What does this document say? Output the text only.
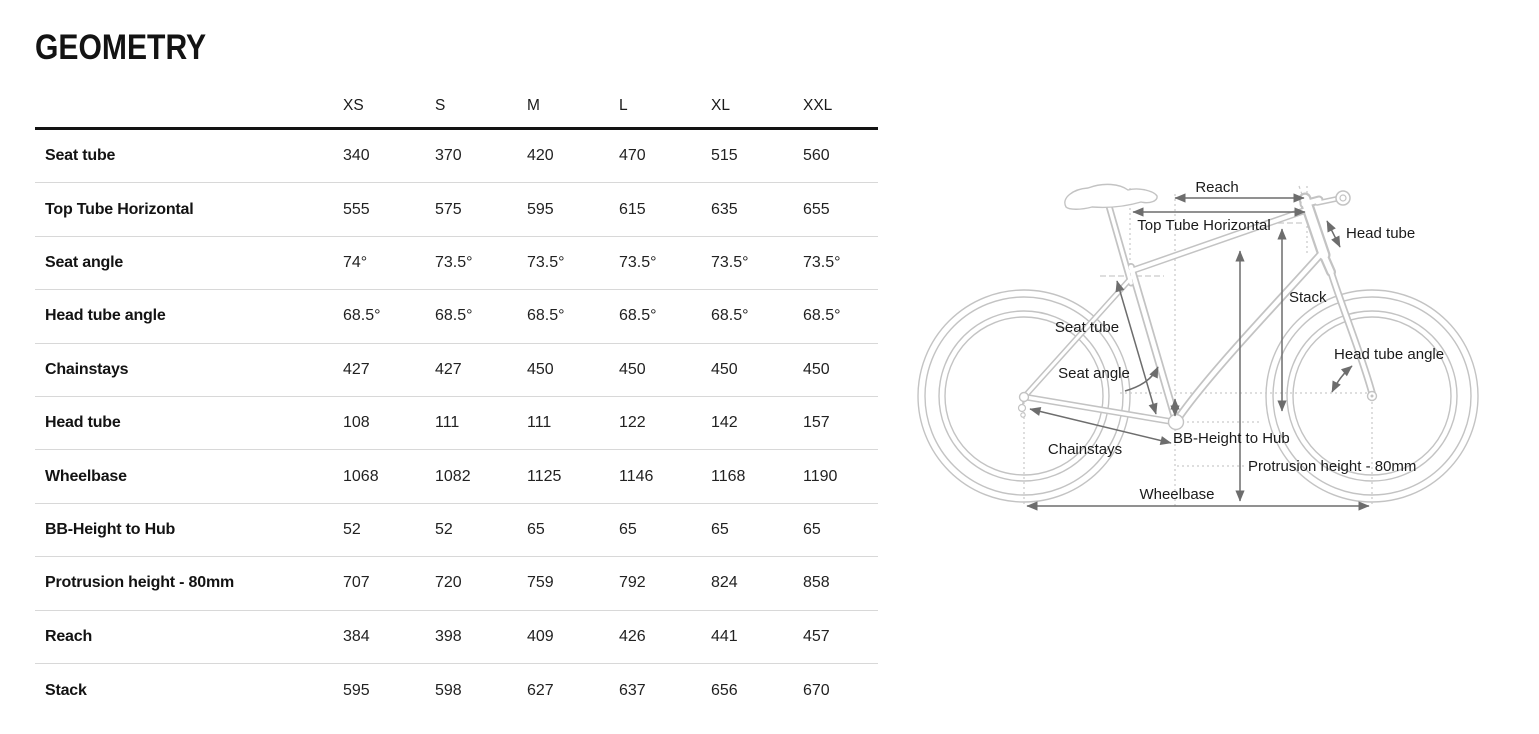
GEOMETRY
XS	S	M	L	XL	XXL
Seat tube	340	370	420	470	515	560
Top Tube Horizontal	555	575	595	615	635	655
Seat angle	74°	73.5°	73.5°	73.5°	73.5°	73.5°
Head tube angle	68.5°	68.5°	68.5°	68.5°	68.5°	68.5°
Chainstays	427	427	450	450	450	450
Head tube	108	111	111	122	142	157
Wheelbase	1068	1082	1125	1146	1168	1190
BB-Height to Hub	52	52	65	65	65	65
Protrusion height - 80mm	707	720	759	792	824	858
Reach	384	398	409	426	441	457
Stack	595	598	627	637	656	670
Reach
Top Tube Horizontal	Head tube
Stack
Seat tube
Seat angle
Chainstays
BB-Height to Hub
Head tube angle
Protrusion height - 80mm
Wheelbase
